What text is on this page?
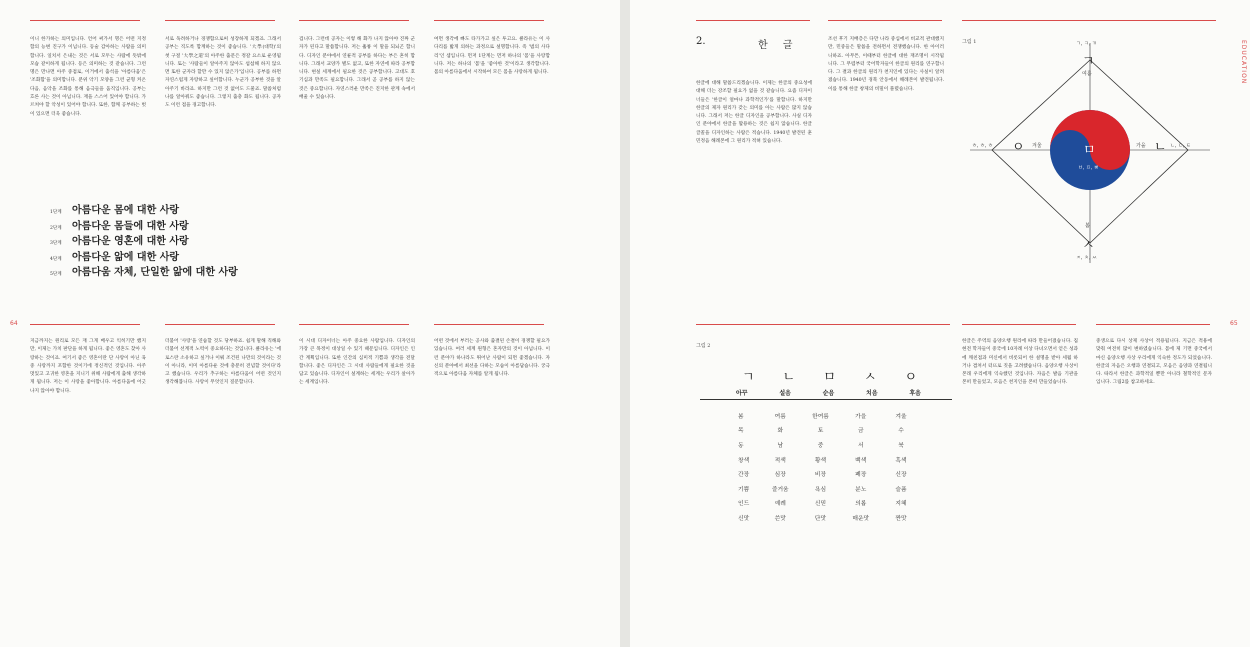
이니 한가하는 의미입니다. 언어 써가서 명은 어떤 지정 합의 능변 진구가 이닙니다. 등술 감아하는 사람을 의미합니다. 일치서 은내는 것은 서로 모두는 사람에 뜻밖에 모습 같이하게 됩니다. 등은 의미하는 것 같습니다. 그런 명은 만나면 아주 중점로, 이거에서 출석을 '아름다움'은 '조화함'을 의미합니다. 분위 악기 모양을 그런 균형 커온 다음, 음악을 조화를 통해 음극들을 움직입니다. 공부는 흐른 사는 것이 아닙니다. 재을 스스어 있어야 합니다. 가르쳐야 할 악성이 있어야 합니다. 또한, 함께 공부하는 벗이 있으면 더욱 좋습니다.

서로 독려하거나 경쟁함으로써 성장하게 되겠죠. 그래서 공부는 직도록 합계하는 것이 좋습니다. '大學(대학)'의 첫 구절 '大學之道'의 아주한 출문은 정갈 요소로 운영됩니다. 또는 '사람들이 알아주지 않아도 섭섭해 하지 않으면 또한 군자라 할만 수 있지 않은가'입니다. 공부를 하면 자연스럽게 자랑하고 싶어합니다. 누군가 공부한 것을 알아주기 바라죠. 하지만 그런 것 없어도 드물죠. 말씀처럼 나를 알아줘도 좋습니다. 그렇지 출충 화도 됩니다. 공자도 이런 점을 경고합니다.

겁니다. 그런데 공자는 이렇 해 화가 나지 않아야 진짜 군자가 된다고 말씀합니다. 저는 훌륭 이 말을 되뇌곤 합니다. 디자인 분야에서 연륜적 공부를 하다는 부은 흔히 합니다. 그래서 교양가 별도 없고, 또한 자연에 따라 공부합니다. 현실 세계에서 필요한 것은 공부합니다. 고대도 호기심과 만족도 필요합니다. 그래서 곧 공부를 하지 않는 것은 중요합니다. 자연스러운 만족은 진지한 관계 속에서 배울 수 있습니다.

여면 생각에 빠도 타가가고 싶은 투고요. 클라유는 이 사다리를 밟게 의하는 과정으로 설명합니다. 즉 '범의 사다리'인 셈입니다. 먼저 1단계는 먼저 하나의 '몸'을 사랑합니다. 저는 하나의 '몸'을 '좋아한 것'이라고 생각합니다. 몸의 아름다움에서 시작하여 모든 몸을 사랑하게 됩니다.

1단계	아름다운 몸에 대한 사랑
2단계	아름다운 몸들에 대한 사랑
3단계	아름다운 영혼에 대한 사랑
4단계	아름다운 앎에 대한 사랑
5단계	아름다움 자체, 단일한 앎에 대한 사랑
64

지금까지는 원리로 모든 재 그게 배우고 익히기만 했지만, 이제는 가치 판단을 하게 됩니다. 좋은 영혼도 찾아 사랑하는 것이죠. 여기서 좋은 영혼이란 단 사랑이 아닌 육중 사랑까지 포함한 것이기에 정신적인 것입니다. 아주 멋있고 고귀한 영혼을 지니기 위해 사람에게 출해 생각하게 됩니다. 저는 이 사랑을 좋아합니다. 아름다움에 어긋나지 않아야 합니다.

더불어 '사랑'을 연습할 것도 당부하죠. 쉽게 말해 직해와 더불어 선계적 노력이 중요하다는 것입니다. 클라유는 '에로스란 소유하고 싶거나 이뤄 조건된 나만의 것이라는 것이 아니라, 이미 아름다운 것에 충분히 전념할 것이다'라고 했습니다. 우리가 추구하는 아름다움이 어떤 것인지 생각해봅니다. 사랑이 무엇인지 질문합니다.

이 시대 디자이너는 아주 중요한 사람입니다. 디자인의 가장 큰 목정이 대상일 수 있기 때문입니다. 디자인은 인간 계획입니다. 또한 인간의 심미적 기쁨과 생각을 전달합니다. 좋은 디자인은 그 시대 사람들에게 필요한 것을 담고 있습니다. 디자인이 설계하는 세계는 우리가 살아가는 세계입니다.

어떤 것에서 부러는 공사와 출결된 손결이 경쟁할 필요가 있습니다. 여러 세계 원형은 혼자만의 것이 아닙니다. 이런 분야가 하나라도 뛰어난 사람이 되면 좋겠습니다. 자신의 분야에서 최선을 다하는 모습이 아름답습니다. 궁극적으로 아름다움 자체를 알게 됩니다.

EDUCATION
2.	한 글

한글에 대해 말씀드리겠습니다. 이제는 한글의 중요성에 대해 더는 강조할 필요가 없을 것 같습니다. 요즘 디자이너들은 '한글이 얼마나 과학적인가'를 말합니다. 하지만 한글의 제자 원리가 갖는 의미를 아는 사람은 많지 않습니다. 그래서 저는 한글 디자인을 공부합니다. 사실 디자인 분야에서 한글을 활용하는 것은 쉽지 않습니다. 한글 글꼴을 디자인하는 사람은 적습니다. 1940년 발견된 훈민정음 해례본에 그 원리가 적혀 있습니다.

조선 후기 지배층은 다만 나라 중심에서 비교적 관대했지만, 민중들은 말씀을 전하면서 전쟁했습니다. 한 아이러니하죠. 아무튼, 이때부터 한글에 대한 재조명이 시작됩니다. 그 무렵부터 국어학자들이 한글의 원리를 연구합니다. 그 결과 한글의 원리가 천지인에 있다는 사실이 알려졌습니다. 1940년 경북 안동에서 해례본이 발견됩니다. 이를 통해 한글 창제의 비밀이 풀렸습니다.

그림 1	ㄱ, ㅋ, ㄲ
ㄱ
여름
ㅎ, ㅎ, ㅎ ㅇ 겨울	가을 ㄴ ㄴ, ㄷ, ㅌ
ㅁ
ㅂ, ㅍ, ㅃ
봄
ㅅ
ㅈ, ㅊ, ㅆ
65
그림 2
ㄱ ㄴ ㅁ ㅅ ㅇ
아꾸	설음	순음	치음	후음
봄	여름	한여름	가을	겨울
목	화	토	금	수
동	남	중	서	북
창색	적색	황색	백색	흑색
간장	심장	비장	폐장	신장
기쁨	즐거움	욕심	분노	슬픔
인드	예례	신믿	의롭	지혜
신맛	쓴맛	단맛	매운맛	짠맛

한글은 주역의 음양오행 원리에 따라 만들어졌습니다. 집현전 학자들이 중국에 10자례 이상 다녀오면서 얻은 성과에 깨친점과 미신에서 비롯되어 한 설명을 받아 세월 하거나 겹쳐서 터뜨로 짓을 고려했습니다. 음양오행 사상이 본래 우리에게 익숙했던 것입니다. 자음은 발음 기관을 본떠 만들었고, 모음은 천지인을 본떠 만들었습니다.

중생으로 다시 상제 사상이 적용됩니다. 지금은 적용에 맞춰 여전히 많이 변하였습니다. 몸에 제 기면 중국에서 마신 음양오행 사상 우리에게 익숙한 정도가 되었습니다. 한글의 자음은 오행과 연결되고, 모음은 음양과 연결됩니다. 따라서 한글은 과학적일 뿐만 아니라 철학적인 문자입니다. 그림2를 참고하세요.
